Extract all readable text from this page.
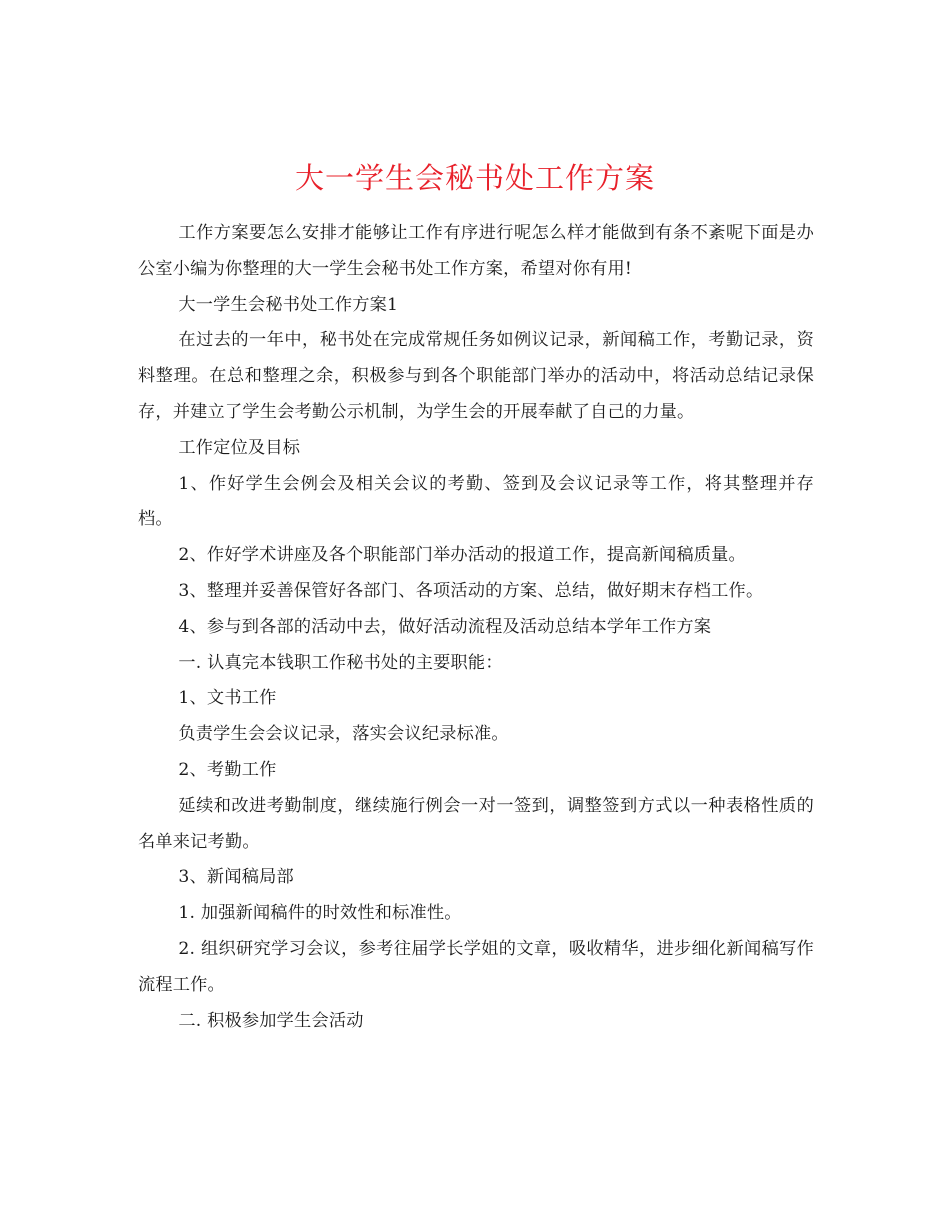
大一学生会秘书处工作方案

工作方案要怎么安排才能够让工作有序进行呢怎么样才能做到有条不紊呢下面是办公室小编为你整理的大一学生会秘书处工作方案，希望对你有用!

大一学生会秘书处工作方案1

在过去的一年中，秘书处在完成常规任务如例议记录，新闻稿工作，考勤记录，资料整理。在总和整理之余，积极参与到各个职能部门举办的活动中，将活动总结记录保存，并建立了学生会考勤公示机制，为学生会的开展奉献了自己的力量。

工作定位及目标

1、作好学生会例会及相关会议的考勤、签到及会议记录等工作，将其整理并存档。

2、作好学术讲座及各个职能部门举办活动的报道工作，提高新闻稿质量。

3、整理并妥善保管好各部门、各项活动的方案、总结，做好期末存档工作。

4、参与到各部的活动中去，做好活动流程及活动总结本学年工作方案

一. 认真完本钱职工作秘书处的主要职能：

1、文书工作

负责学生会会议记录，落实会议纪录标准。

2、考勤工作

延续和改进考勤制度，继续施行例会一对一签到，调整签到方式以一种表格性质的名单来记考勤。

3、新闻稿局部

1. 加强新闻稿件的时效性和标准性。

2. 组织研究学习会议，参考往届学长学姐的文章，吸收精华，进步细化新闻稿写作流程工作。

二. 积极参加学生会活动
